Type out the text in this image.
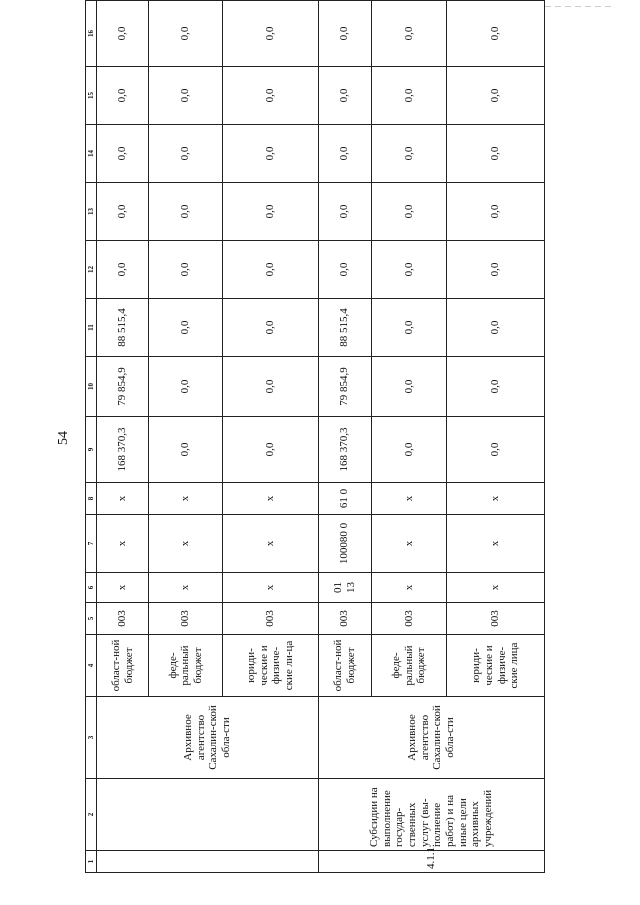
54
1	2	3	4	5	6	7	8	9	10	11	12	13	14	15	16
		Архивное агентство Сахалин-ской обла-сти	област-ной бюджет	003	х	х	х	168 370,3	79 854,9	88 515,4	0,0	0,0	0,0	0,0	0,0
			феде-ральный бюджет	003	х	х	х	0,0	0,0	0,0	0,0	0,0	0,0	0,0	0,0
			юриди-ческие и физиче-ские ли-ца	003	х	х	х	0,0	0,0	0,0	0,0	0,0	0,0	0,0	0,0
4.1.1.	Субсидии на выполнение государ-ственных услуг (вы-полнение работ) и на иные цели архивных учреждений	Архивное агентство Сахалин-ской обла-сти	област-ной бюджет	003	01 13	100080 0	61 0	168 370,3	79 854,9	88 515,4	0,0	0,0	0,0	0,0	0,0
			феде-ральный бюджет	003	х	х	х	0,0	0,0	0,0	0,0	0,0	0,0	0,0	0,0
			юриди-ческие и физиче-ские лица	003	х	х	х	0,0	0,0	0,0	0,0	0,0	0,0	0,0	0,0
